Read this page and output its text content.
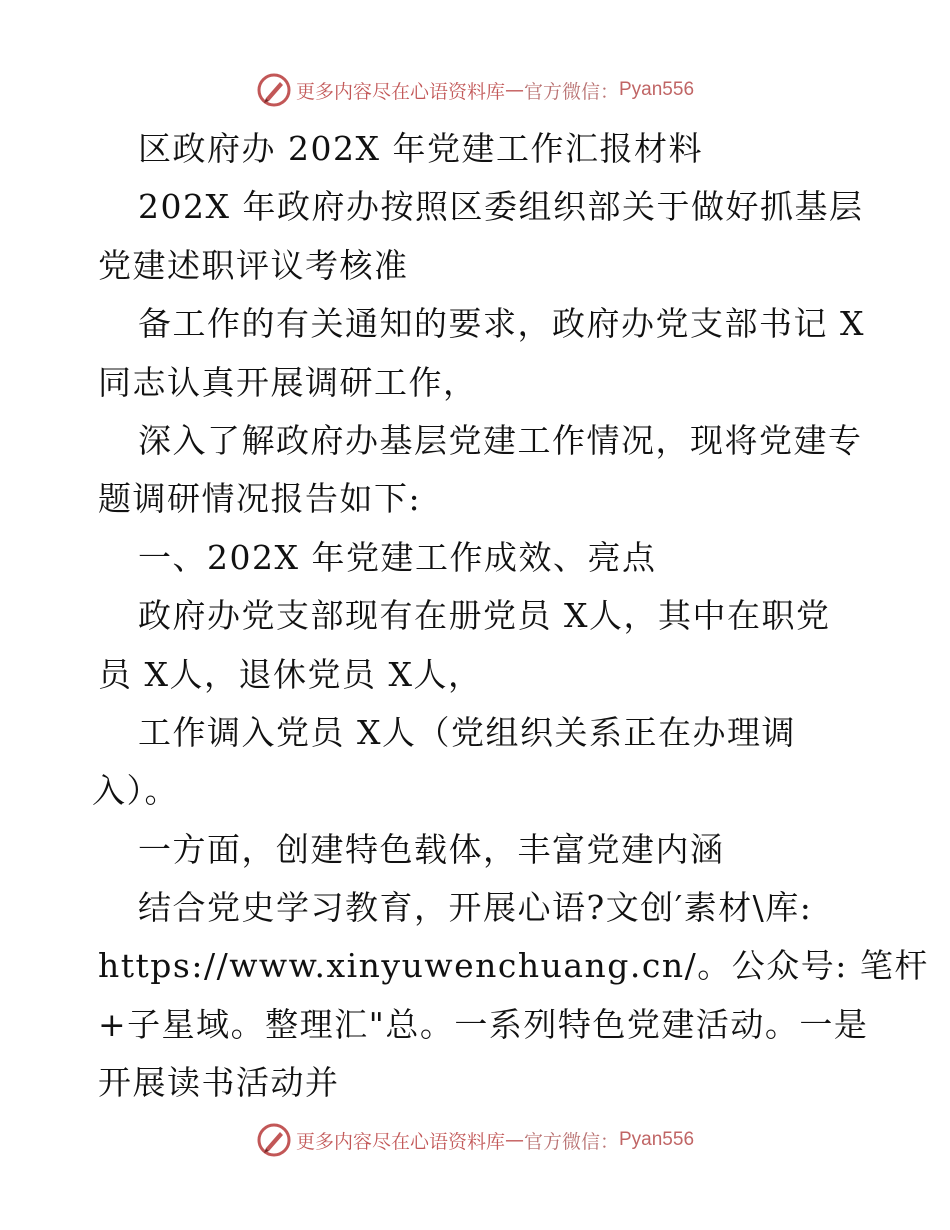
更多内容尽在心语资料库 — 官方微信： Pyan556
区政府办 202X 年党建工作汇报材料
202X 年政府办按照区委组织部关于做好抓基层
党建述职评议考核准
备工作的有关通知的要求，政府办党支部书记 X
同志认真开展调研工作，
深入了解政府办基层党建工作情况，现将党建专
题调研情况报告如下:
一、202X 年党建工作成效、亮点
政府办党支部现有在册党员 X人，其中在职党
员 X人，退休党员 X人，
工作调入党员 X人（党组织关系正在办理调
入）。
一方面，创建特色载体，丰富党建内涵
结合党史学习教育，开展心语?文创′素材\库:
https://www.xinyuwenchuang.cn/。公众号: 笔杆
+子星域。整理汇"总。一系列特色党建活动。一是
开展读书活动并
更多内容尽在心语资料库 — 官方微信： Pyan556
